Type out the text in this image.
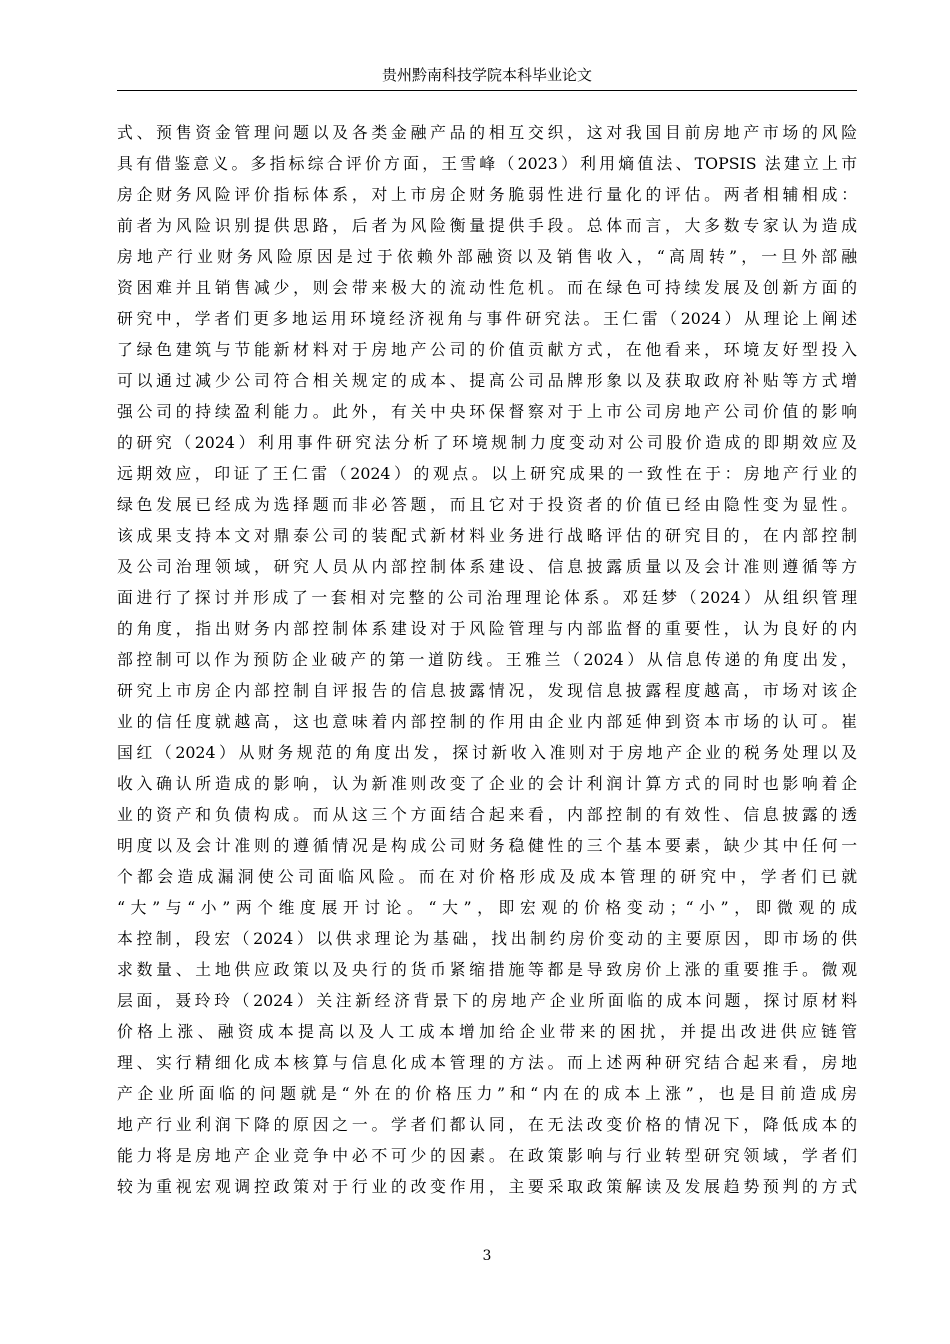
贵州黔南科技学院本科毕业论文
式、预售资金管理问题以及各类金融产品的相互交织，这对我国目前房地产市场的风险
具有借鉴意义。多指标综合评价方面，王雪峰（2023）利用熵值法、TOPSIS 法建立上市
房企财务风险评价指标体系，对上市房企财务脆弱性进行量化的评估。两者相辅相成：
前者为风险识别提供思路，后者为风险衡量提供手段。总体而言，大多数专家认为造成
房地产行业财务风险原因是过于依赖外部融资以及销售收入，“高周转”，一旦外部融
资困难并且销售减少，则会带来极大的流动性危机。而在绿色可持续发展及创新方面的
研究中，学者们更多地运用环境经济视角与事件研究法。王仁雷（2024）从理论上阐述
了绿色建筑与节能新材料对于房地产公司的价值贡献方式，在他看来，环境友好型投入
可以通过减少公司符合相关规定的成本、提高公司品牌形象以及获取政府补贴等方式增
强公司的持续盈利能力。此外，有关中央环保督察对于上市公司房地产公司价值的影响
的研究（2024）利用事件研究法分析了环境规制力度变动对公司股价造成的即期效应及
远期效应，印证了王仁雷（2024）的观点。以上研究成果的一致性在于：房地产行业的
绿色发展已经成为选择题而非必答题，而且它对于投资者的价值已经由隐性变为显性。
该成果支持本文对鼎泰公司的装配式新材料业务进行战略评估的研究目的，在内部控制
及公司治理领域，研究人员从内部控制体系建设、信息披露质量以及会计准则遵循等方
面进行了探讨并形成了一套相对完整的公司治理理论体系。邓廷梦（2024）从组织管理
的角度，指出财务内部控制体系建设对于风险管理与内部监督的重要性，认为良好的内
部控制可以作为预防企业破产的第一道防线。王雅兰（2024）从信息传递的角度出发，
研究上市房企内部控制自评报告的信息披露情况，发现信息披露程度越高，市场对该企
业的信任度就越高，这也意味着内部控制的作用由企业内部延伸到资本市场的认可。崔
国红（2024）从财务规范的角度出发，探讨新收入准则对于房地产企业的税务处理以及
收入确认所造成的影响，认为新准则改变了企业的会计利润计算方式的同时也影响着企
业的资产和负债构成。而从这三个方面结合起来看，内部控制的有效性、信息披露的透
明度以及会计准则的遵循情况是构成公司财务稳健性的三个基本要素，缺少其中任何一
个都会造成漏洞使公司面临风险。而在对价格形成及成本管理的研究中，学者们已就
“大”与“小”两个维度展开讨论。“大”，即宏观的价格变动；“小”，即微观的成
本控制，段宏（2024）以供求理论为基础，找出制约房价变动的主要原因，即市场的供
求数量、土地供应政策以及央行的货币紧缩措施等都是导致房价上涨的重要推手。微观
层面，聂玲玲（2024）关注新经济背景下的房地产企业所面临的成本问题，探讨原材料
价格上涨、融资成本提高以及人工成本增加给企业带来的困扰，并提出改进供应链管
理、实行精细化成本核算与信息化成本管理的方法。而上述两种研究结合起来看，房地
产企业所面临的问题就是“外在的价格压力”和“内在的成本上涨”，也是目前造成房
地产行业利润下降的原因之一。学者们都认同，在无法改变价格的情况下，降低成本的
能力将是房地产企业竞争中必不可少的因素。在政策影响与行业转型研究领域，学者们
较为重视宏观调控政策对于行业的改变作用，主要采取政策解读及发展趋势预判的方式
3
